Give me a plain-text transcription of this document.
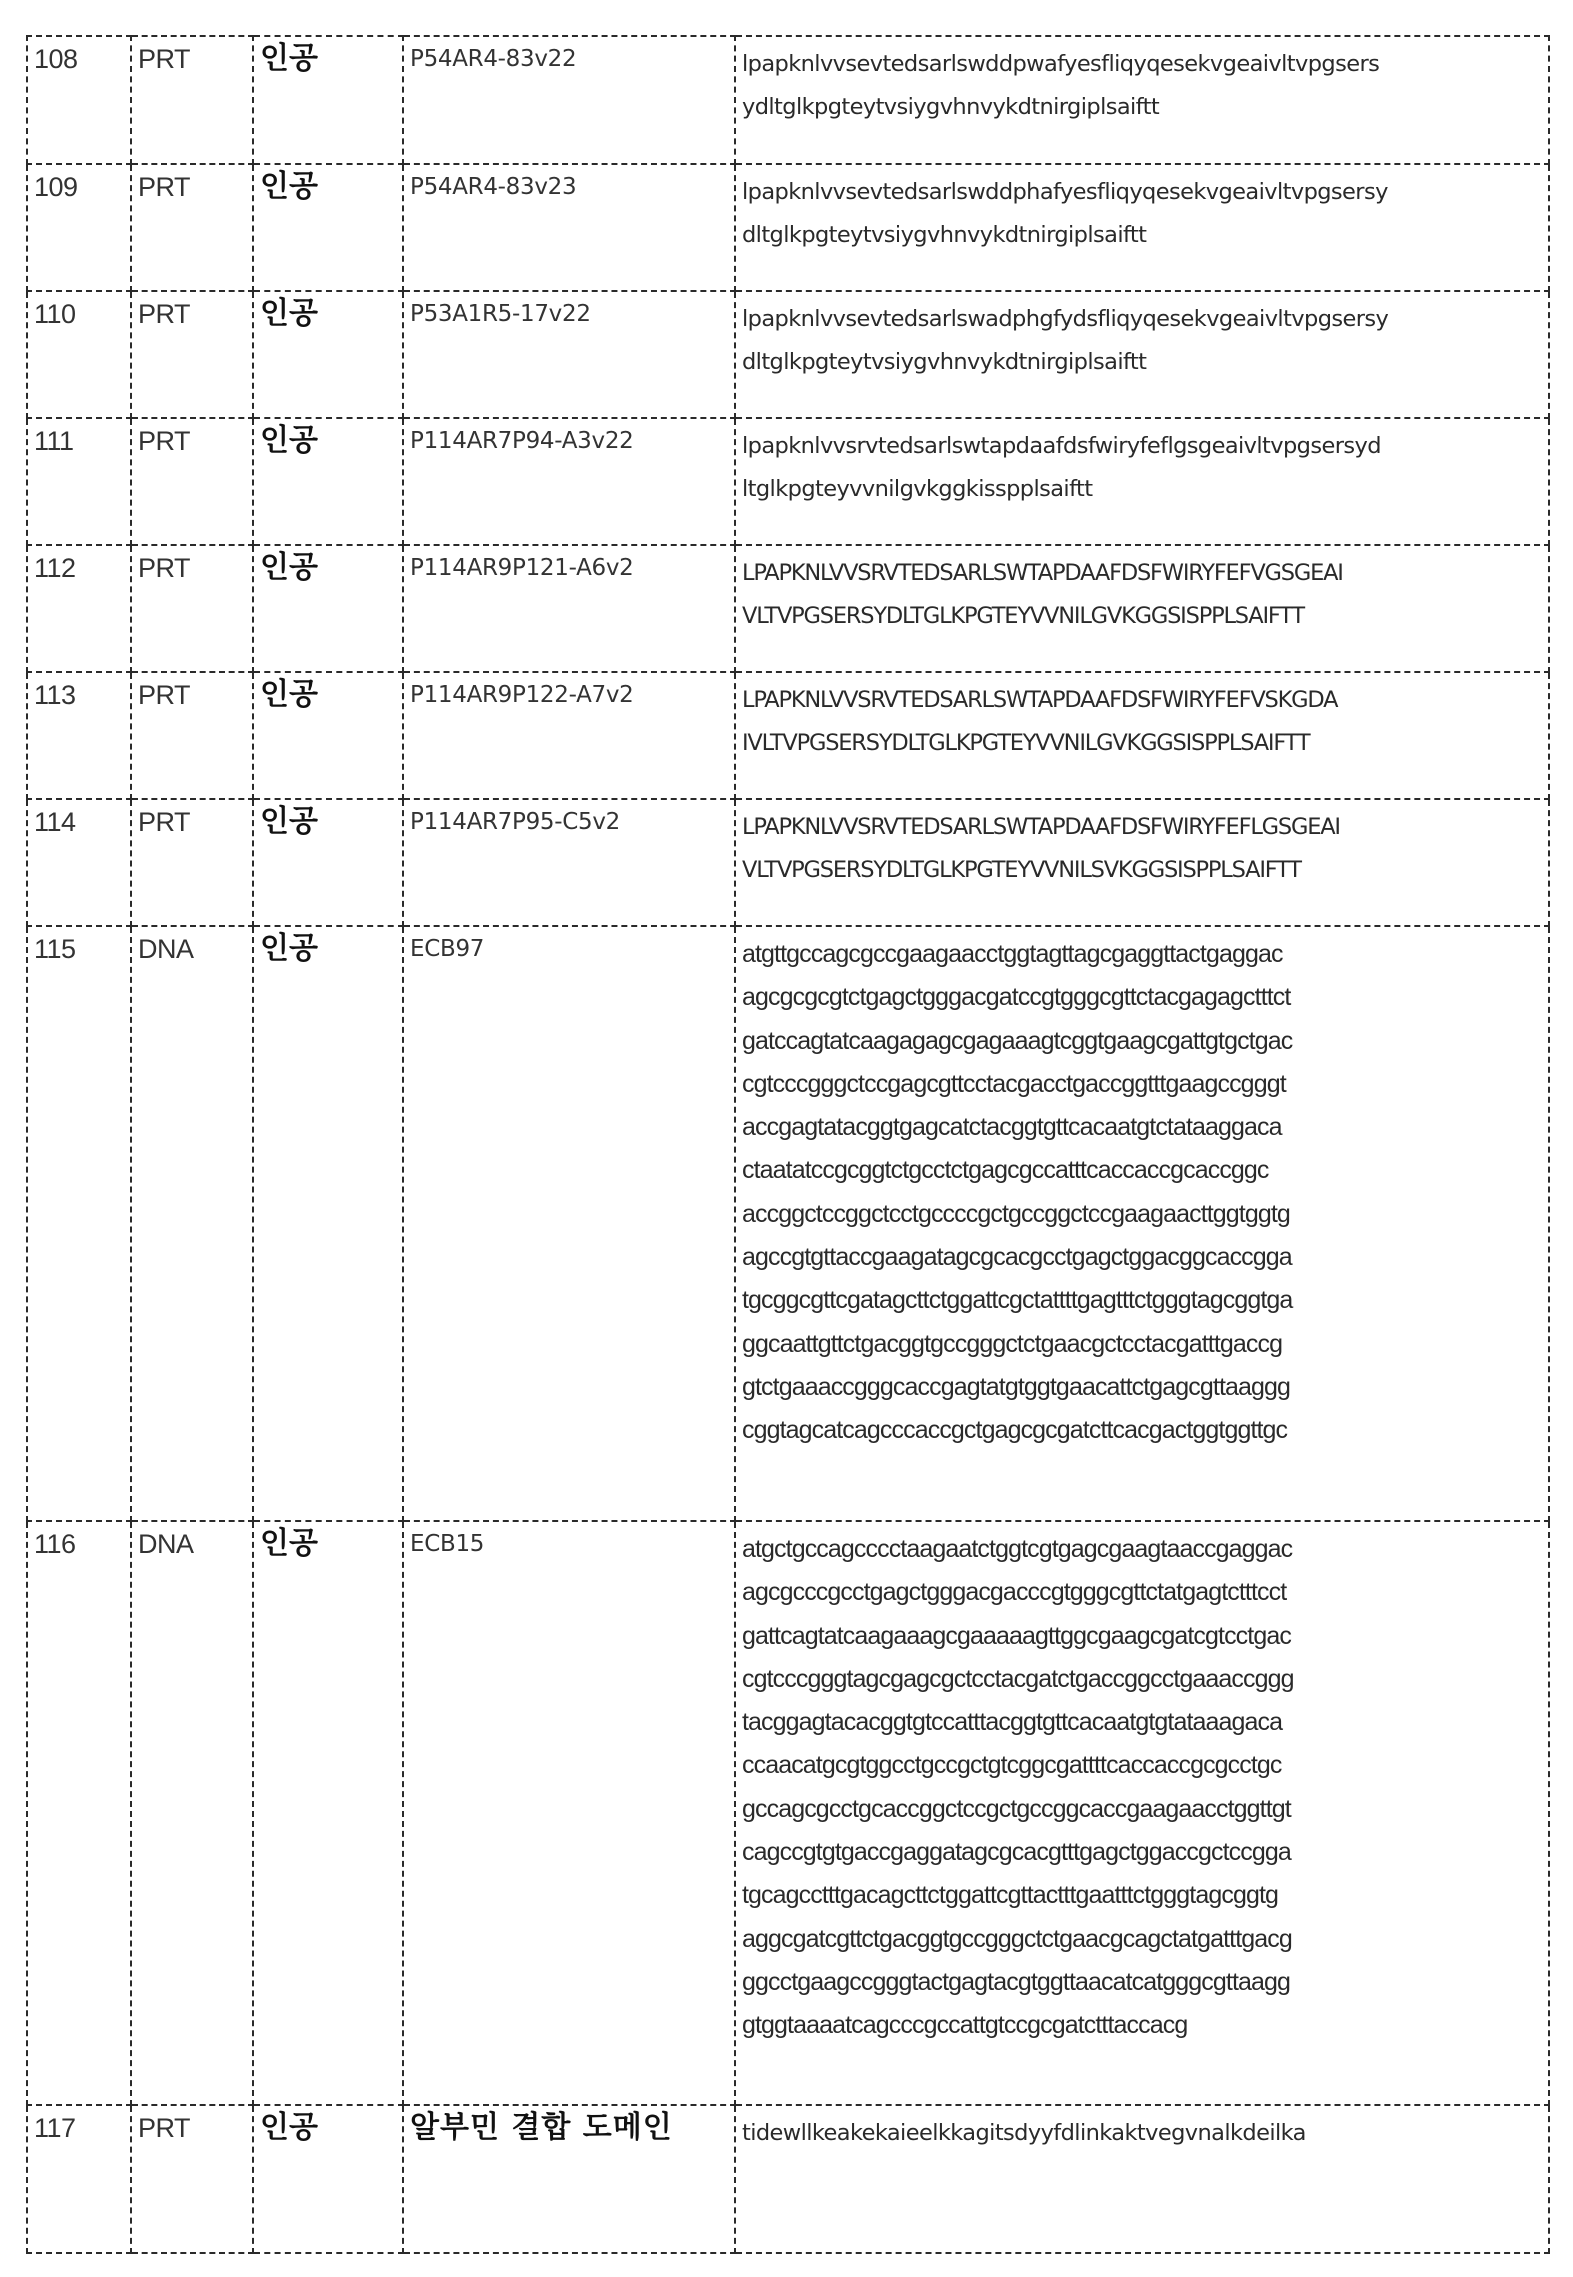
108	PRT	인공	P54AR4-83v22	lpapknlvvsevtedsarlswddpwafyesfliqyqesekvgeaivltvpgsers
ydltglkpgteytvsiygvhnvykdtnirgiplsaiftt

109	PRT	인공	P54AR4-83v23	lpapknlvvsevtedsarlswddphafyesfliqyqesekvgeaivltvpgsersy
dltglkpgteytvsiygvhnvykdtnirgiplsaiftt

110	PRT	인공	P53A1R5-17v22	lpapknlvvsevtedsarlswadphgfydsfliqyqesekvgeaivltvpgsersy
dltglkpgteytvsiygvhnvykdtnirgiplsaiftt

111	PRT	인공	P114AR7P94-A3v22	lpapknlvvsrvtedsarlswtapdaafdsfwiryfeflgsgeaivltvpgsersyd
ltglkpgteyvvnilgvkggkisspplsaiftt

112	PRT	인공	P114AR9P121-A6v2	LPAPKNLVVSRVTEDSARLSWTAPDAAFDSFWIRYFEFVGSGEAI
VLTVPGSERSYDLTGLKPGTEYVVNILGVKGGSISPPLSAIFTT

113	PRT	인공	P114AR9P122-A7v2	LPAPKNLVVSRVTEDSARLSWTAPDAAFDSFWIRYFEFVSKGDA
IVLTVPGSERSYDLTGLKPGTEYVVNILGVKGGSISPPLSAIFTT

114	PRT	인공	P114AR7P95-C5v2	LPAPKNLVVSRVTEDSARLSWTAPDAAFDSFWIRYFEFLGSGEAI
VLTVPGSERSYDLTGLKPGTEYVVNILSVKGGSISPPLSAIFTT

115	DNA	인공	ECB97	atgttgccagcgccgaagaacctggtagttagcgaggttactgaggac
agcgcgcgtctgagctgggacgatccgtgggcgttctacgagagctttct
gatccagtatcaagagagcgagaaagtcggtgaagcgattgtgctgac
cgtcccgggctccgagcgttcctacgacctgaccggtttgaagccgggt
accgagtatacggtgagcatctacggtgttcacaatgtctataaggaca
ctaatatccgcggtctgcctctgagcgccatttcaccaccgcaccggc
accggctccggctcctgccccgctgccggctccgaagaacttggtggtg
agccgtgttaccgaagatagcgcacgcctgagctggacggcaccgga
tgcggcgttcgatagcttctggattcgctattttgagtttctgggtagcggtga
ggcaattgttctgacggtgccgggctctgaacgctcctacgatttgaccg
gtctgaaaccgggcaccgagtatgtggtgaacattctgagcgttaaggg
cggtagcatcagcccaccgctgagcgcgatcttcacgactggtggttgc

116	DNA	인공	ECB15	atgctgccagcccctaagaatctggtcgtgagcgaagtaaccgaggac
agcgcccgcctgagctgggacgacccgtgggcgttctatgagtctttcct
gattcagtatcaagaaagcgaaaaagttggcgaagcgatcgtcctgac
cgtcccgggtagcgagcgctcctacgatctgaccggcctgaaaccggg
tacggagtacacggtgtccatttacggtgttcacaatgtgtataaagaca
ccaacatgcgtggcctgccgctgtcggcgattttcaccaccgcgcctgc
gccagcgcctgcaccggctccgctgccggcaccgaagaacctggttgt
cagccgtgtgaccgaggatagcgcacgtttgagctggaccgctccgga
tgcagcctttgacagcttctggattcgttactttgaatttctgggtagcggtg
aggcgatcgttctgacggtgccgggctctgaacgcagctatgatttgacg
ggcctgaagccgggtactgagtacgtggttaacatcatgggcgttaagg
gtggtaaaatcagcccgccattgtccgcgatctttaccacg

117	PRT	인공	알부민 결합 도메인	tidewllkeakekaieelkkagitsdyyfdlinkaktvegvnalkdeilka
